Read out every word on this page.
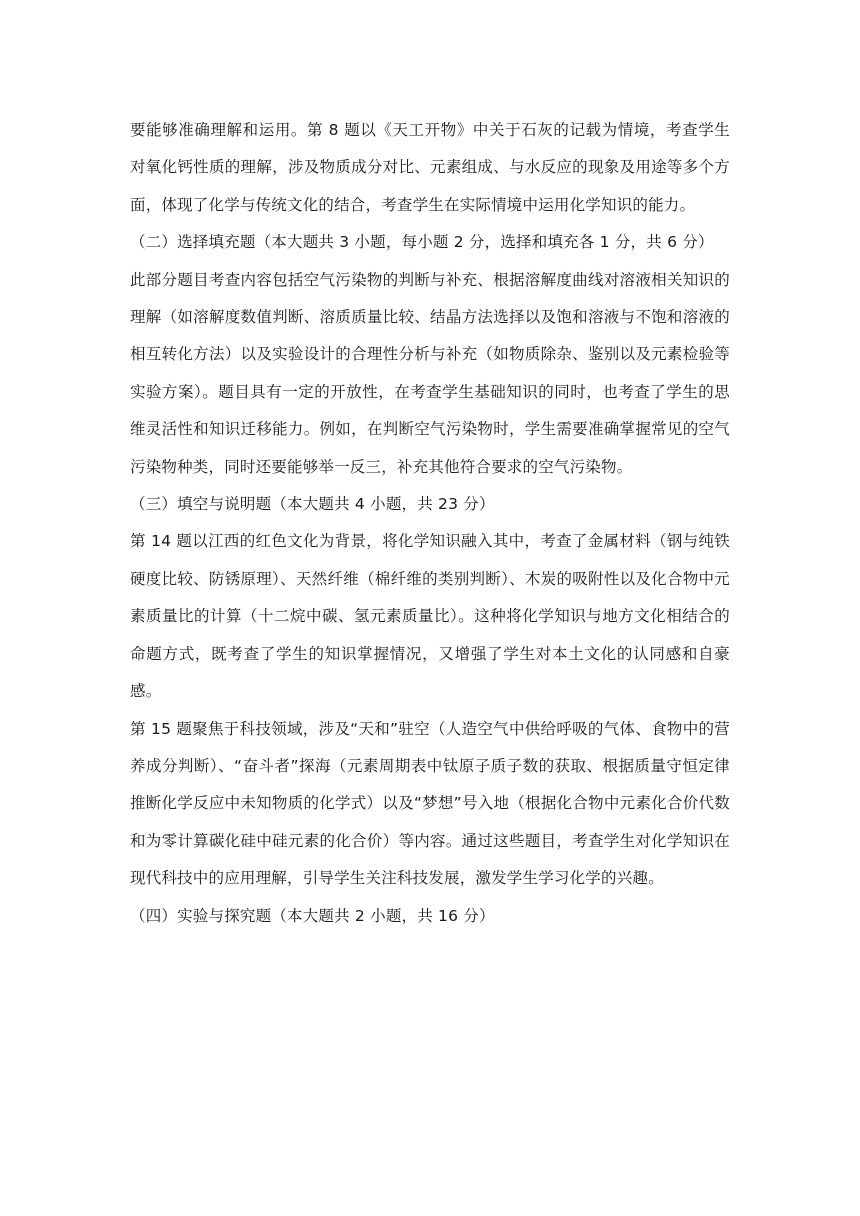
要能够准确理解和运用。第 8 题以《天工开物》中关于石灰的记载为情境，考查学生对氧化钙性质的理解，涉及物质成分对比、元素组成、与水反应的现象及用途等多个方面，体现了化学与传统文化的结合，考查学生在实际情境中运用化学知识的能力。

（二）选择填充题（本大题共 3 小题，每小题 2 分，选择和填充各 1 分，共 6 分）

此部分题目考查内容包括空气污染物的判断与补充、根据溶解度曲线对溶液相关知识的理解（如溶解度数值判断、溶质质量比较、结晶方法选择以及饱和溶液与不饱和溶液的相互转化方法）以及实验设计的合理性分析与补充（如物质除杂、鉴别以及元素检验等实验方案）。题目具有一定的开放性，在考查学生基础知识的同时，也考查了学生的思维灵活性和知识迁移能力。例如，在判断空气污染物时，学生需要准确掌握常见的空气污染物种类，同时还要能够举一反三，补充其他符合要求的空气污染物。

（三）填空与说明题（本大题共 4 小题，共 23 分）

第 14 题以江西的红色文化为背景，将化学知识融入其中，考查了金属材料（钢与纯铁硬度比较、防锈原理）、天然纤维（棉纤维的类别判断）、木炭的吸附性以及化合物中元素质量比的计算（十二烷中碳、氢元素质量比）。这种将化学知识与地方文化相结合的命题方式，既考查了学生的知识掌握情况，又增强了学生对本土文化的认同感和自豪感。

第 15 题聚焦于科技领域，涉及“天和”驻空（人造空气中供给呼吸的气体、食物中的营养成分判断）、“奋斗者”探海（元素周期表中钛原子质子数的获取、根据质量守恒定律推断化学反应中未知物质的化学式）以及“梦想”号入地（根据化合物中元素化合价代数和为零计算碳化硅中硅元素的化合价）等内容。通过这些题目，考查学生对化学知识在现代科技中的应用理解，引导学生关注科技发展，激发学生学习化学的兴趣。

（四）实验与探究题（本大题共 2 小题，共 16 分）
